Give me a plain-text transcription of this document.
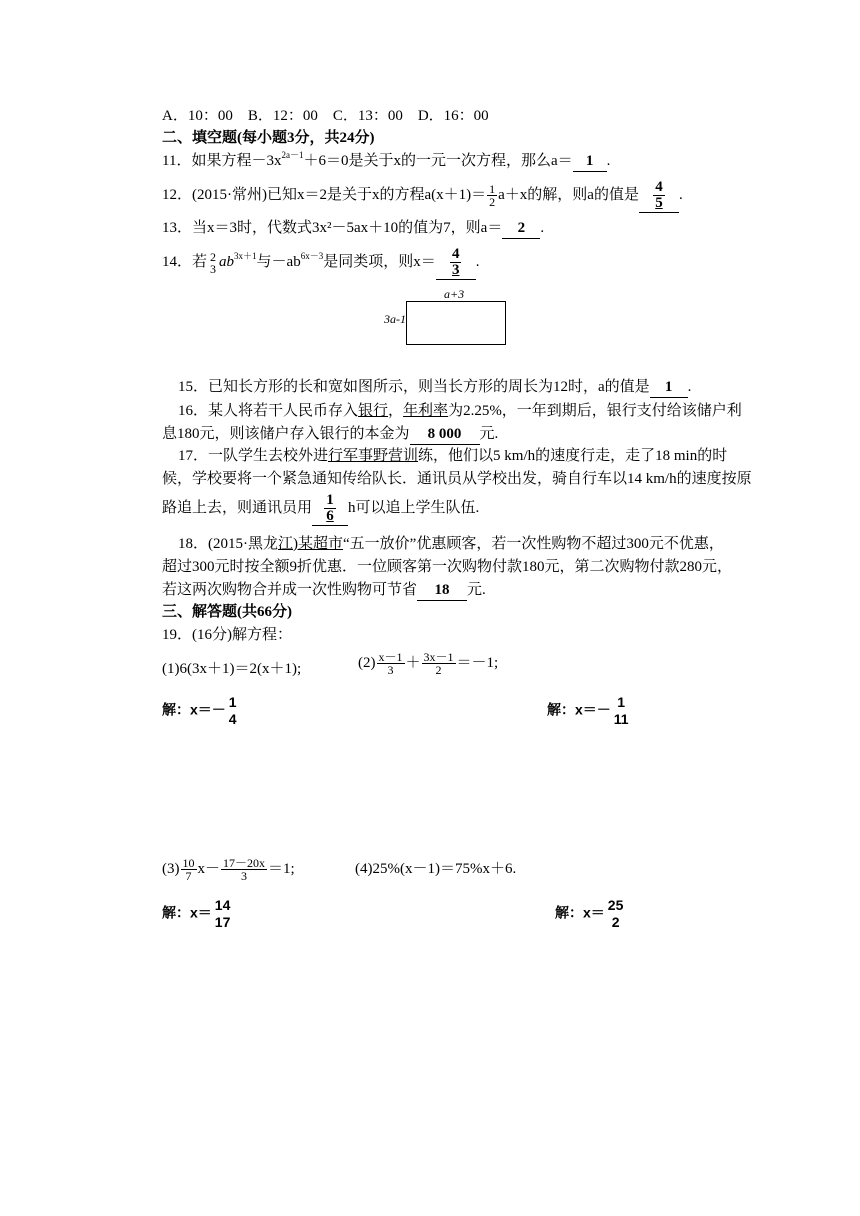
A．10：00　B．12：00　C．13：00　D．16：00
二、填空题(每小题3分，共24分)
11．如果方程$-3x^{2a-1}+6=0$是关于x的一元一次方程，那么a＝ 1 .
12．(2015·常州)已知x＝2是关于x的方程$a(x+1)= \frac{1}{2} a+x$的解，则a的值是 $\frac{4}{5}$ .
13．当x＝3时，代数式3x²－5ax＋10的值为7，则a＝ 2 .
14．若 2
3 $ab^{3x+1}$与$-ab^{6x-3}$是同类项，则$x= \frac{4}{3}$ .
a+3
3a-1
15．已知长方形的长和宽如图所示，则当长方形的周长为12时，a的值是 1 .
16．某人将若干人民币存入银行，年利率为2.25%，一年到期后，银行支付给该储户利
息180元，则该储户存入银行的本金为 8 000 元.
17．一队学生去校外进行军事野营训练，他们以5 km/h的速度行走，走了18 min的时
候，学校要将一个紧急通知传给队长．通讯员从学校出发，骑自行车以14 km/h的速度按原
路追上去，则通讯员用 $\frac{1}{6}$ h可以追上学生队伍.
18．(2015·黑龙江)某超市“五一放价”优惠顾客，若一次性购物不超过300元不优惠，
超过300元时按全额9折优惠．一位顾客第一次购物付款180元，第二次购物付款280元，
若这两次购物合并成一次性购物可节省 18 元.
三、解答题(共66分)
19．(16分)解方程：
(1)6(3x＋1)＝2(x＋1);	$(2) \frac{x-1}{3} + \frac{3x-1}{2} =-1$;
解：x＝－ 1
4
解：x＝－ 1
11
$(3) \frac{10}{7} x- \frac{17-20x}{3} =1$;	(4)25%(x－1)＝75%x＋6.
解：x＝ 14
17
解：x＝ 25
2
